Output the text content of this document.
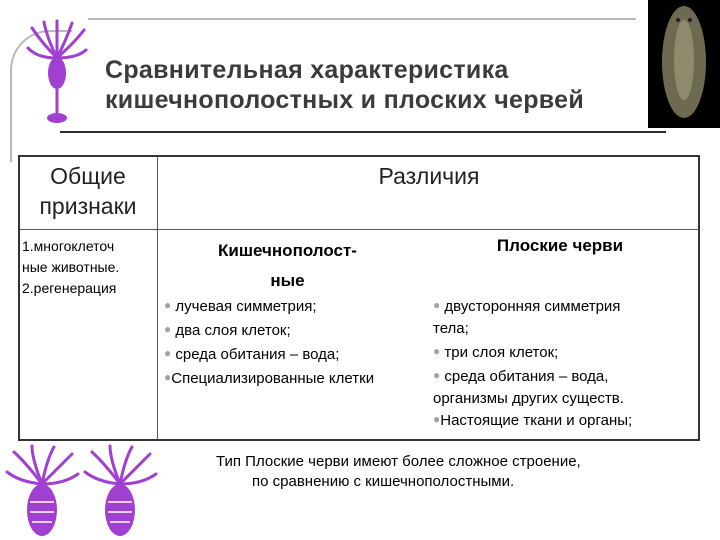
Сравнительная характеристика
кишечнополостных и плоских червей
Общие
признаки
Различия
1.многоклеточ
ные животные.
2.регенерация
Кишечнополост-
ные
Плоские черви
● лучевая симметрия;
● два слоя клеток;
● среда обитания – вода;
●Специализированные клетки
● двусторонняя симметрия
тела;
● три слоя клеток;
● среда обитания – вода,
организмы других существ.
●Настоящие ткани и органы;
Тип Плоские черви имеют более сложное строение,
по сравнению с кишечнополостными.
